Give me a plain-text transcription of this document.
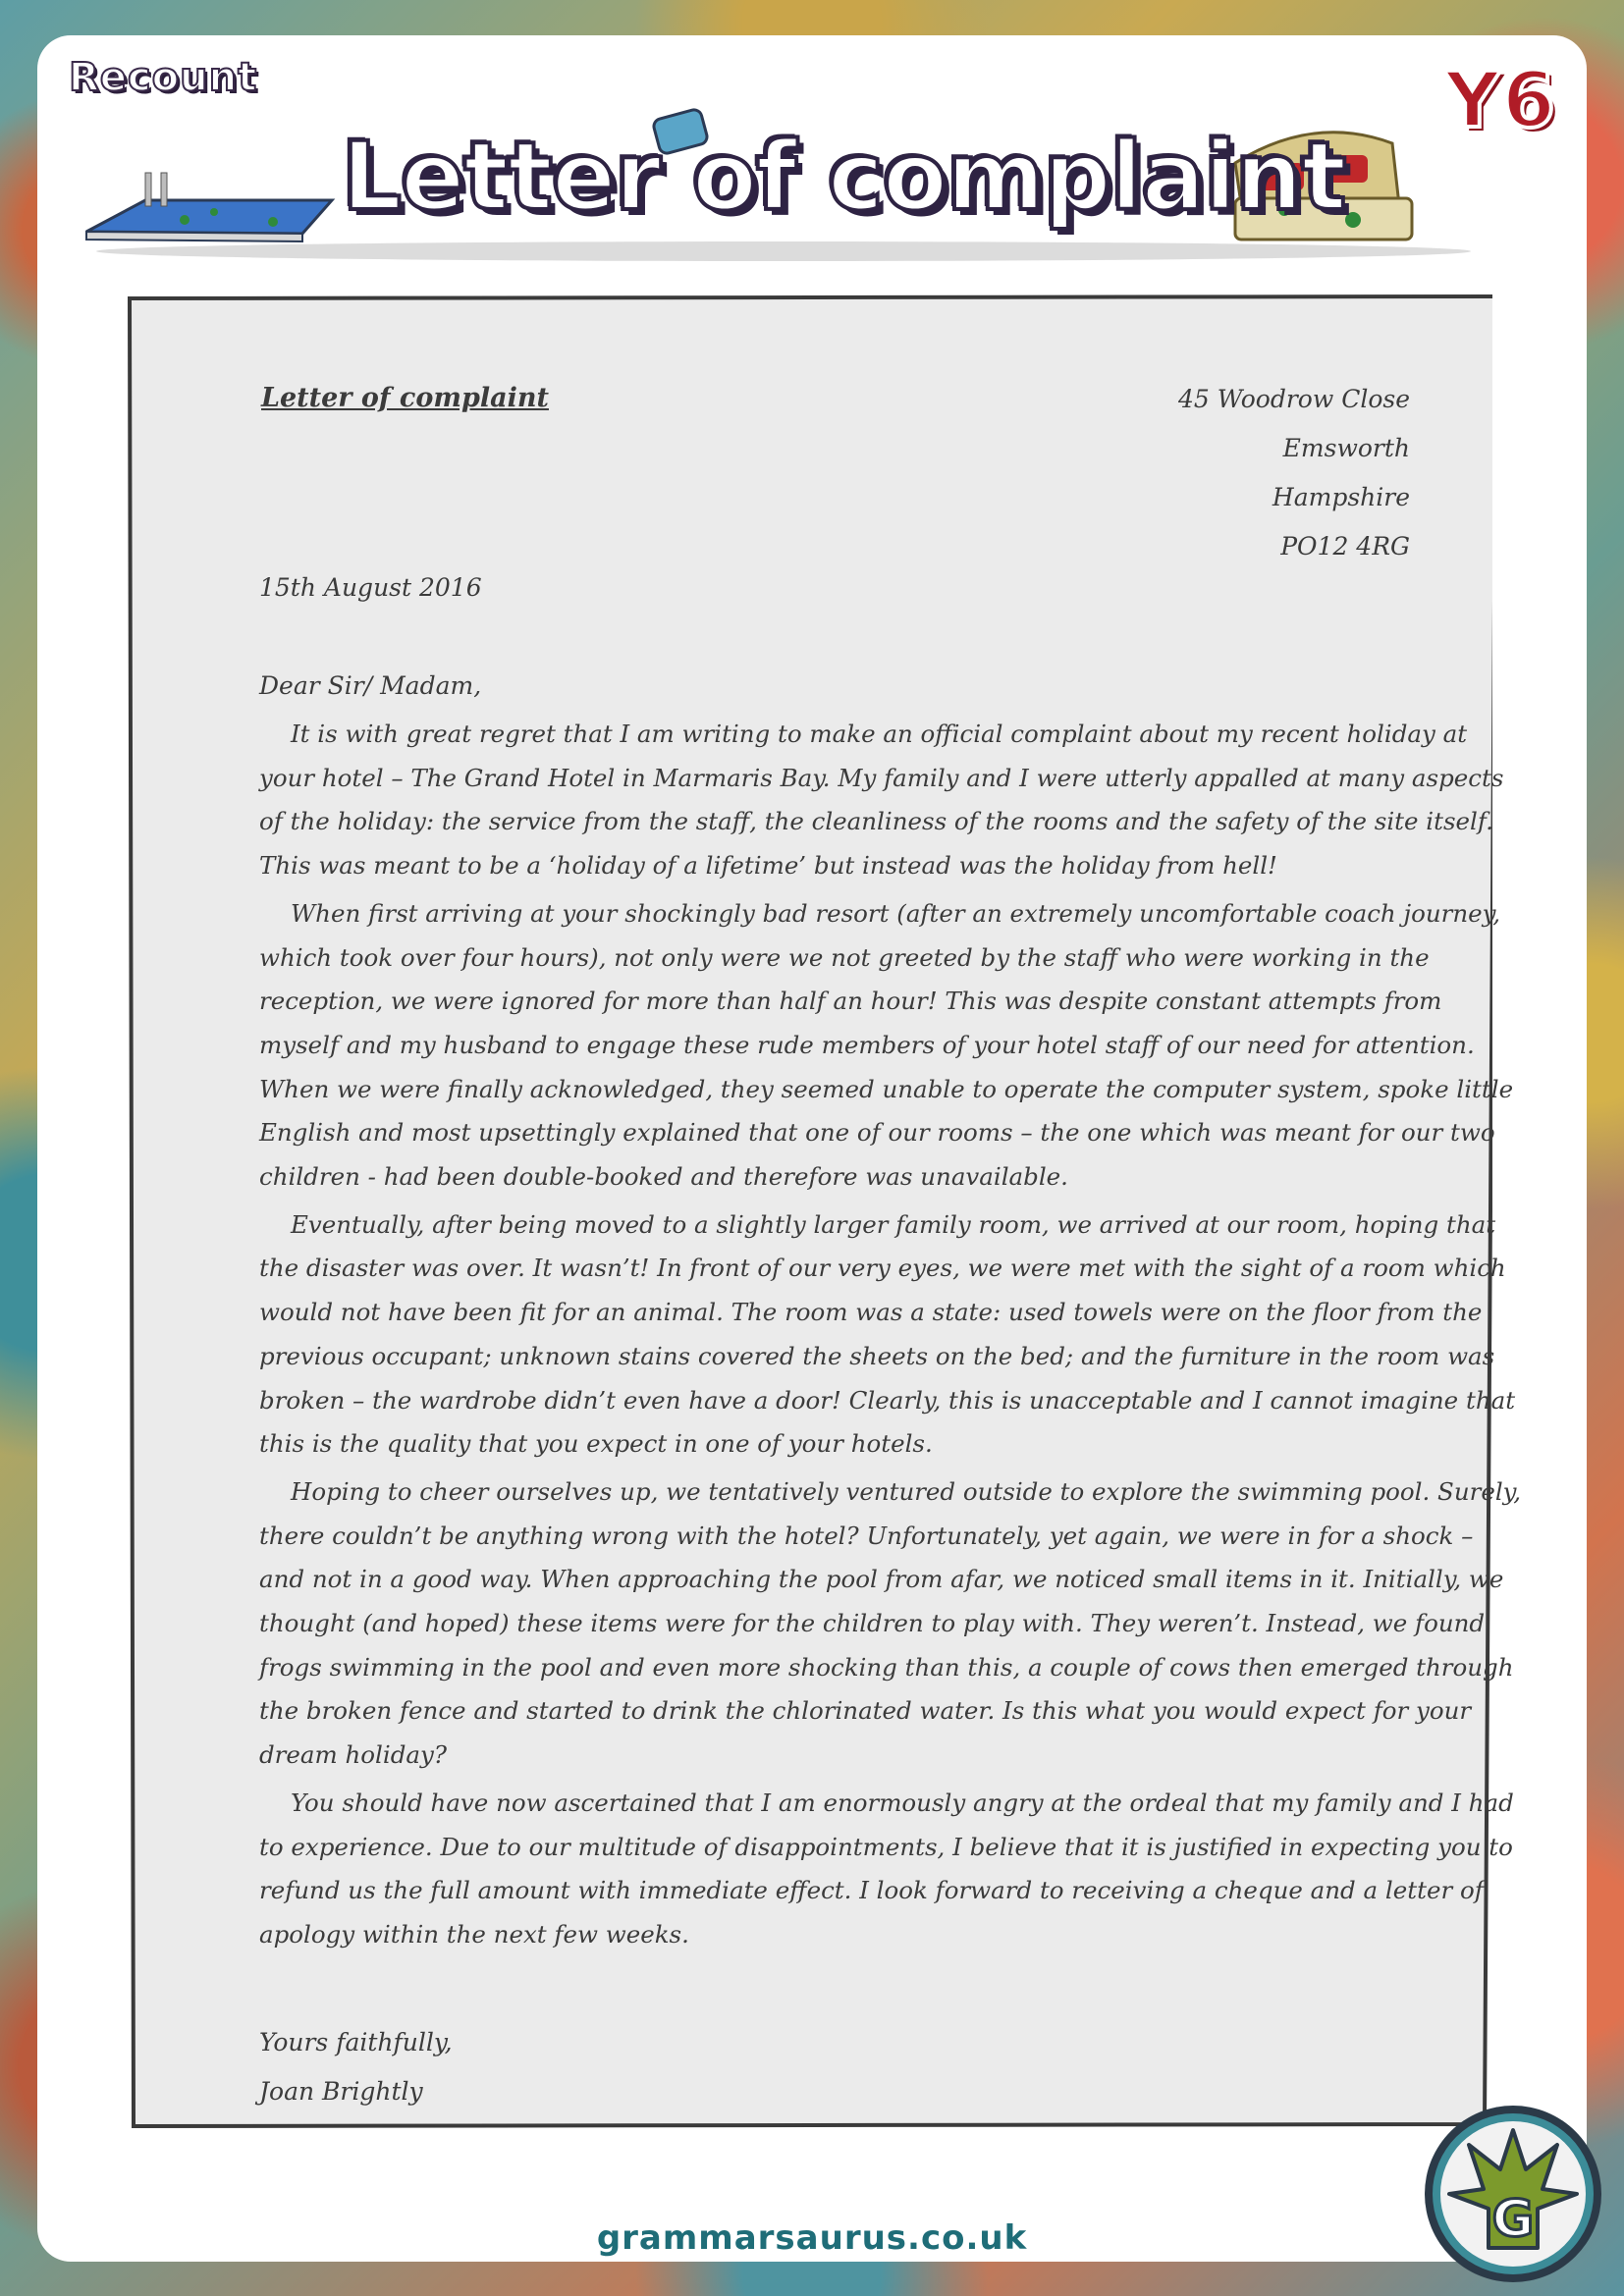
Recount	Y6
Letter of complaint
Letter of complaint	45 Woodrow Close
Emsworth
Hampshire
PO12 4RG
15th August 2016
Dear Sir/ Madam,

It is with great regret that I am writing to make an official complaint about my recent holiday at your hotel – The Grand Hotel in Marmaris Bay. My family and I were utterly appalled at many aspects of the holiday: the service from the staff, the cleanliness of the rooms and the safety of the site itself. This was meant to be a ‘holiday of a lifetime’ but instead was the holiday from hell!

When first arriving at your shockingly bad resort (after an extremely uncomfortable coach journey, which took over four hours), not only were we not greeted by the staff who were working in the reception, we were ignored for more than half an hour! This was despite constant attempts from myself and my husband to engage these rude members of your hotel staff of our need for attention. When we were finally acknowledged, they seemed unable to operate the computer system, spoke little English and most upsettingly explained that one of our rooms – the one which was meant for our two children - had been double-booked and therefore was unavailable.

Eventually, after being moved to a slightly larger family room, we arrived at our room, hoping that the disaster was over. It wasn’t! In front of our very eyes, we were met with the sight of a room which would not have been fit for an animal. The room was a state: used towels were on the floor from the previous occupant; unknown stains covered the sheets on the bed; and the furniture in the room was broken – the wardrobe didn’t even have a door! Clearly, this is unacceptable and I cannot imagine that this is the quality that you expect in one of your hotels.

Hoping to cheer ourselves up, we tentatively ventured outside to explore the swimming pool. Surely, there couldn’t be anything wrong with the hotel? Unfortunately, yet again, we were in for a shock – and not in a good way. When approaching the pool from afar, we noticed small items in it. Initially, we thought (and hoped) these items were for the children to play with. They weren’t. Instead, we found frogs swimming in the pool and even more shocking than this, a couple of cows then emerged through the broken fence and started to drink the chlorinated water. Is this what you would expect for your dream holiday?

You should have now ascertained that I am enormously angry at the ordeal that my family and I had to experience. Due to our multitude of disappointments, I believe that it is justified in expecting you to refund us the full amount with immediate effect. I look forward to receiving a cheque and a letter of apology within the next few weeks.

Yours faithfully,
Joan Brightly
grammarsaurus.co.uk	G
